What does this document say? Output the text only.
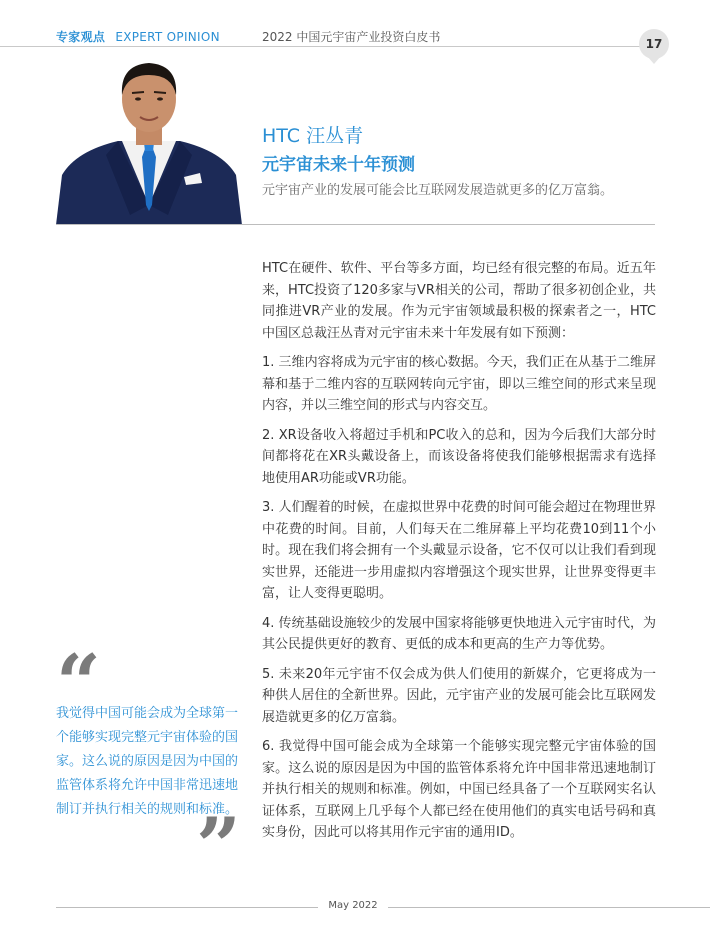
专家观点 EXPERT OPINION	2022 中国元宇宙产业投资白皮书	17
HTC 汪丛青
元宇宙未来十年预测
元宇宙产业的发展可能会比互联网发展造就更多的亿万富翁。

HTC在硬件、软件、平台等多方面，均已经有很完整的布局。近五年来，HTC投资了120多家与VR相关的公司，帮助了很多初创企业，共同推进VR产业的发展。作为元宇宙领域最积极的探索者之一，HTC中国区总裁汪丛青对元宇宙未来十年发展有如下预测：

1. 三维内容将成为元宇宙的核心数据。今天，我们正在从基于二维屏幕和基于二维内容的互联网转向元宇宙，即以三维空间的形式来呈现内容，并以三维空间的形式与内容交互。

2. XR设备收入将超过手机和PC收入的总和，因为今后我们大部分时间都将花在XR头戴设备上，而该设备将使我们能够根据需求有选择地使用AR功能或VR功能。

3. 人们醒着的时候，在虚拟世界中花费的时间可能会超过在物理世界中花费的时间。目前，人们每天在二维屏幕上平均花费10到11个小时。现在我们将会拥有一个头戴显示设备，它不仅可以让我们看到现实世界，还能进一步用虚拟内容增强这个现实世界，让世界变得更丰富，让人变得更聪明。

4. 传统基础设施较少的发展中国家将能够更快地进入元宇宙时代，为其公民提供更好的教育、更低的成本和更高的生产力等优势。

5. 未来20年元宇宙不仅会成为供人们使用的新媒介，它更将成为一种供人居住的全新世界。因此，元宇宙产业的发展可能会比互联网发展造就更多的亿万富翁。

6. 我觉得中国可能会成为全球第一个能够实现完整元宇宙体验的国家。这么说的原因是因为中国的监管体系将允许中国非常迅速地制订并执行相关的规则和标准。例如，中国已经具备了一个互联网实名认证体系，互联网上几乎每个人都已经在使用他们的真实电话号码和真实身份，因此可以将其用作元宇宙的通用ID。

“
我觉得中国可能会成为全球第一个能够实现完整元宇宙体验的国家。这么说的原因是因为中国的监管体系将允许中国非常迅速地制订并执行相关的规则和标准。
”
May 2022
